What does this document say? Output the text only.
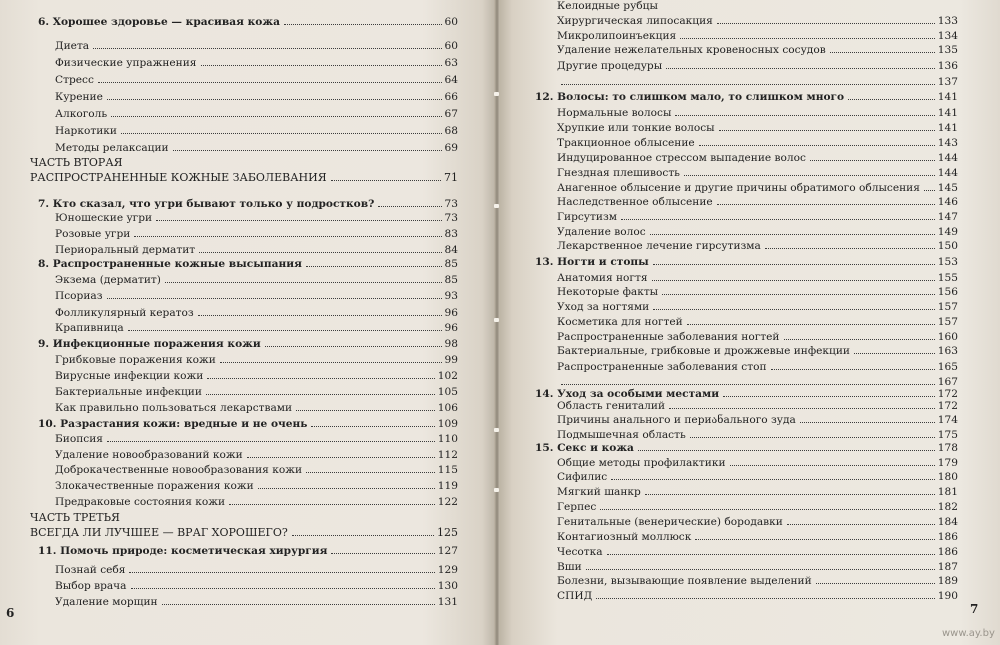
6. Хорошее здоровье — красивая кожа	60
Диета	60
Физические упражнения	63
Стресс	64
Курение	66
Алкоголь	67
Наркотики	68
Методы релаксации	69
ЧАСТЬ ВТОРАЯ
РАСПРОСТРАНЕННЫЕ КОЖНЫЕ ЗАБОЛЕВАНИЯ	71
7. Кто сказал, что угри бывают только у подростков?	73
Юношеские угри	73
Розовые угри	83
Периоральный дерматит	84
8. Распространенные кожные высыпания	85
Экзема (дерматит)	85
Псориаз	93
Фолликулярный кератоз	96
Крапивница	96
9. Инфекционные поражения кожи	98
Грибковые поражения кожи	99
Вирусные инфекции кожи	102
Бактериальные инфекции	105
Как правильно пользоваться лекарствами	106
10. Разрастания кожи: вредные и не очень	109
Биопсия	110
Удаление новообразований кожи	112
Доброкачественные новообразования кожи	115
Злокачественные поражения кожи	119
Предраковые состояния кожи	122
ЧАСТЬ ТРЕТЬЯ
ВСЕГДА ЛИ ЛУЧШЕЕ — ВРАГ ХОРОШЕГО?	125
11. Помочь природе: косметическая хирургия	127
Познай себя	129
Выбор врача	130
Удаление морщин	131
6
Келоидные рубцы
Хирургическая липосакция	133
Микролипоинъекция	134
Удаление нежелательных кровеносных сосудов	135
Другие процедуры	136
137
12. Волосы: то слишком мало, то слишком много	141
Нормальные волосы	141
Хрупкие или тонкие волосы	141
Тракционное облысение	143
Индуцированное стрессом выпадение волос	144
Гнездная плешивость	144
Анагенное облысение и другие причины обратимого облысения 145
Наследственное облысение	146
Гирсутизм	147
Удаление волос	149
Лекарственное лечение гирсутизма	150
13. Ногти и стопы	153
Анатомия ногтя	155
Некоторые факты	156
Уход за ногтями	157
Косметика для ногтей	157
Распространенные заболевания ногтей	160
Бактериальные, грибковые и дрожжевые инфекции	163
Распространенные заболевания стоп	165
167
14. Уход за особыми местами	172
Область гениталий	172
Причины анального и периანального зуда	174
Подмышечная область	175
15. Секс и кожа	178
Общие методы профилактики	179
Сифилис	180
Мягкий шанкр	181
Герпес	182
Генитальные (венерические) бородавки	184
Контагиозный моллюск	186
Чесотка	186
Вши	187
Болезни, вызывающие появление выделений	189
СПИД	190
7
www.ay.by
